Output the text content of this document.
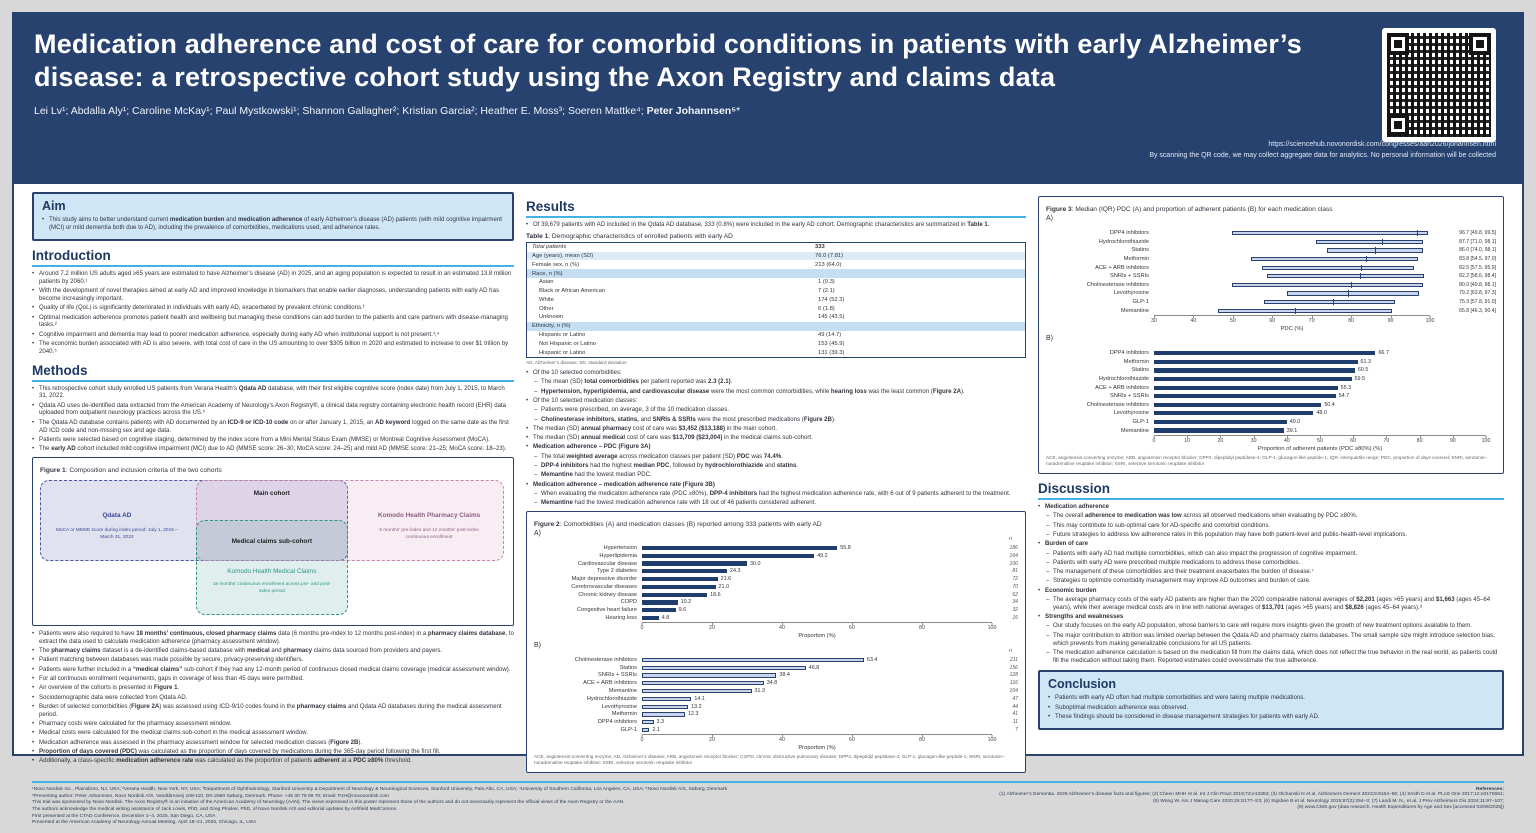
Medication adherence and cost of care for comorbid conditions in patients with early Alzheimer’s disease: a retrospective cohort study using the Axon Registry and claims data
Lei Lv¹; Abdalla Aly¹; Caroline McKay¹; Paul Mystkowski¹; Shannon Gallagher²; Kristian Garcia²; Heather E. Moss³; Soeren Mattke⁴; Peter Johannsen⁵*
https://sciencehub.novonordisk.com/congresses/aan2026/johannsen.html
By scanning the QR code, we may collect aggregate data for analytics. No personal information will be collected
Aim
• This study aims to better understand current medication burden and medication adherence of early Alzheimer’s disease (AD) patients (with mild cognitive impairment (MCI) or mild dementia both due to AD), including the prevalence of comorbidities, medications used, and adherence rates.
Introduction
• Around 7.2 million US adults aged ≥65 years are estimated to have Alzheimer’s disease (AD) in 2025, and an aging population is expected to result in an estimated 13.8 million patients by 2060.¹
• With the development of novel therapies aimed at early AD and improved knowledge in biomarkers that enable earlier diagnoses, understanding patients with early AD has become increasingly important.
• Quality of life (QoL) is significantly deteriorated in individuals with early AD, exacerbated by prevalent chronic conditions.¹
• Optimal medication adherence promotes patient health and wellbeing but managing these conditions can add burden to the patients and care partners with disease-managing tasks.²
• Cognitive impairment and dementia may lead to poorer medication adherence, especially during early AD when institutional support is not present.³,⁴
• The economic burden associated with AD is also severe, with total cost of care in the US amounting to over $305 billion in 2020 and estimated to increase to over $1 trillion by 2040.⁵
Methods
• This retrospective cohort study enrolled US patients from Verana Health’s Qdata AD database, with their first eligible cognitive score (index date) from July 1, 2015, to March 31, 2022.
• Qdata AD uses de-identified data extracted from the American Academy of Neurology’s Axon Registry®, a clinical data registry containing electronic health record (EHR) data uploaded from outpatient neurology practices across the US.⁶
• The Qdata AD database contains patients with AD documented by an ICD-9 or ICD-10 code on or after January 1, 2015, an AD keyword logged on the same date as the first AD ICD code and non-missing sex and age data.
• Patients were selected based on cognitive staging, determined by the index score from a Mini Mental Status Exam (MMSE) or Montreal Cognitive Assessment (MoCA).
• The early AD cohort included mild cognitive impairment (MCI) due to AD (MMSE score: 26–30; MoCA score: 24–25) and mild AD (MMSE score: 21–25; MoCA score: 18–23).
Figure 1: Composition and inclusion criteria of the two cohorts
Qdata AD
MoCA or MMSE score during index period: July 1, 2015 – March 31, 2022
Main cohort
Komodo Health Pharmacy Claims
6 months’ pre-index and 12 months’ post-index continuous enrollment
Medical claims sub-cohort
Komodo Health Medical Claims
18 months’ continuous enrollment across pre- and post-index period
• Patients were also required to have 18 months’ continuous, closed pharmacy claims data (6 months pre-index to 12 months post-index) in a pharmacy claims database, to extract the data used to calculate medication adherence (pharmacy assessment window).
• The pharmacy claims dataset is a de-identified claims-based database with medical and pharmacy claims data sourced from providers and payers.
• Patient matching between databases was made possible by secure, privacy-preserving identifiers.
• Patients were further included in a “medical claims” sub-cohort if they had any 12-month period of continuous closed medical claims coverage (medical assessment window).
• For all continuous enrollment requirements, gaps in coverage of less than 45 days were permitted.
• An overview of the cohorts is presented in Figure 1.
• Sociodemographic data were collected from Qdata AD.
• Burden of selected comorbidities (Figure 2A) was assessed using ICD-9/10 codes found in the pharmacy claims and Qdata AD databases during the medical assessment period.
• Pharmacy costs were calculated for the pharmacy assessment window.
• Medical costs were calculated for the medical claims sub-cohort in the medical assessment window.
• Medication adherence was assessed in the pharmacy assessment window for selected medication classes (Figure 2B).
• Proportion of days covered (PDC) was calculated as the proportion of days covered by medications during the 365-day period following the first fill.
• Additionally, a class-specific medication adherence rate was calculated as the proportion of patients adherent at a PDC ≥80% threshold.
Results
• Of 39,679 patients with AD included in the Qdata AD database, 333 (0.8%) were included in the early AD cohort. Demographic characteristics are summarized in Table 1.
Table 1: Demographic characteristics of enrolled patients with early AD
Total patients	333
Age (years), mean (SD)	76.0 (7.81)
Female sex, n (%)	213 (64.0)
Race, n (%)
Asian	1 (0.3)
Black or African American	7 (2.1)
White	174 (52.3)
Other	6 (1.8)
Unknown	145 (43.5)
Ethnicity, n (%)
Hispanic or Latino	49 (14.7)
Not Hispanic or Latino	153 (45.9)
Hispanic or Latino	131 (39.3)
AD, Alzheimer’s disease; SD, standard deviation
• Of the 10 selected comorbidities:
– The mean (SD) total comorbidities per patient reported was 2.3 (2.1).
– Hypertension, hyperlipidemia, and cardiovascular disease were the most common comorbidities, while hearing loss was the least common (Figure 2A).
• Of the 10 selected medication classes:
– Patients were prescribed, on average, 3 of the 10 medication classes.
– Cholinesterase inhibitors, statins, and SNRIs & SSRIs were the most prescribed medications (Figure 2B).
• The median (SD) annual pharmacy cost of care was $3,452 ($13,188) in the main cohort.
• The median (SD) annual medical cost of care was $13,709 ($23,004) in the medical claims sub-cohort.
• Medication adherence – PDC (Figure 3A)
– The total weighted average across medication classes per patient (SD) PDC was 74.4%.
– DPP-4 inhibitors had the highest median PDC, followed by hydrochlorothiazide and statins.
– Memantine had the lowest median PDC.
• Medication adherence – medication adherence rate (Figure 3B)
– When evaluating the medication adherence rate (PDC ≥80%), DPP-4 inhibitors had the highest medication adherence rate, with 6 out of 9 patients adherent to the treatment.
– Memantine had the lowest medication adherence rate with 18 out of 46 patients considered adherent.
Figure 2: Comorbidities (A) and medication classes (B) reported among 333 patients with early AD
A)
n
Hypertension	55.8	186
Hyperlipidemia	49.2	164
Cardiovascular disease	30.0	100
Type 2 diabetes	24.3	81
Major depressive disorder	21.6	72
Cerebrovascular diseases	21.0	70
Chronic kidney disease	18.6	62
COPD	10.2	34
Congestive heart failure	9.6	32
Hearing loss	4.8	16
0	20	40	60	80	100
Proportion (%)
B)
n
Cholinesterase inhibitors	63.4	211
Statins	46.8	156
SNRIs + SSRIs	38.4	128
ACE + ARB inhibitors	34.8	116
Memantine	31.3	104
Hydrochlorothiazide	14.1	47
Levothyroxine	13.2	44
Metformin	12.3	41
DPP4 inhibitors	3.3	11
GLP-1	2.1	7
0	20	40	60	80	100
Proportion (%)
ACE, angiotensin-converting enzyme; AD, Alzheimer’s disease; ARB, angiotensin receptor blocker; COPD, chronic obstructive pulmonary disease; DPP4, dipeptidyl peptidase-4; GLP-1, glucagon-like peptide-1; SNRI, serotonin–noradrenaline reuptake inhibitor; SSRI, selective serotonin reuptake inhibitor
Figure 3: Median (IQR) PDC (A) and proportion of adherent patients (B) for each medication class
A)
DPP4 inhibitors	96.7 [49.8, 99.5]
Hydrochlorothiazide	87.7 [71.0, 98.1]
Statins	86.0 [74.0, 98.1]
Metformin	83.8 [54.5, 97.0]
ACE + ARB inhibitors	82.5 [57.5, 95.9]
SNRIs + SSRIs	82.2 [58.6, 98.4]
Cholinesterase inhibitors	80.0 [49.8, 98.1]
Levothyroxine	79.2 [63.8, 97.3]
GLP-1	75.3 [57.8, 91.0]
Memantine	65.8 [46.3, 90.4]
30	40	50	60	70	80	90	100
PDC (%)
B)
DPP4 inhibitors	66.7
Metformin	61.3
Statins	60.5
Hydrochlorothiazide	59.5
ACE + ARB inhibitors	55.3
SNRIs + SSRIs	54.7
Cholinesterase inhibitors	50.4
Levothyroxine	48.0
GLP-1	40.0
Memantine	39.1
0	10	20	30	40	50	60	70	80	90	100
Proportion of adherent patients (PDC ≥80%) (%)
ACE, angiotensin-converting enzyme; ARB, angiotensin receptor blocker; DPP4, dipeptidyl peptidase-4; GLP-1, glucagon-like peptide-1; IQR, interquartile range; PDC, proportion of days covered; SNRI, serotonin–noradrenaline reuptake inhibitor; SSRI, selective serotonin reuptake inhibitor
Discussion
• Medication adherence
– The overall adherence to medication was low across all observed medications when evaluating by PDC ≥80%.
– This may contribute to sub-optimal care for AD-specific and comorbid conditions.
– Future strategies to address low adherence rates in this population may have both patient-level and public-health-level implications.
• Burden of care
– Patients with early AD had multiple comorbidities, which can also impact the progression of cognitive impairment.
– Patients with early AD were prescribed multiple medications to address these comorbidities.
– The management of these comorbidities and their treatment exacerbates the burden of disease.⁷
– Strategies to optimize comorbidity management may improve AD outcomes and burden of care.
• Economic burden
– The average pharmacy costs of the early AD patients are higher than the 2020 comparable national averages of $2,201 (ages >65 years) and $1,663 (ages 45–64 years), while their average medical costs are in line with national averages of $13,701 (ages >65 years) and $8,826 (ages 45–64 years).⁸
• Strengths and weaknesses
– Our study focuses on the early AD population, whose barriers to care will require more insights given the growth of new treatment options available to them.
– The major contribution to attrition was limited overlap between the Qdata AD and pharmacy claims databases. The small sample size might introduce selection bias, which prevents from making generalizable conclusions for all US patients.
– The medication adherence calculation is based on the medication fill from the claims data, which does not reflect the true behavior in the real world, as patients could fill the medication without taking them. Reported estimates could overestimate the true adherence.
Conclusion
• Patients with early AD often had multiple comorbidities and were taking multiple medications.
• Suboptimal medication adherence was observed.
• These findings should be considered in disease management strategies for patients with early AD.
¹Novo Nordisk Inc., Plainsboro, NJ, USA; ²Verana Health, New York, NY, USA; ³Department of Ophthalmology, Stanford University & Department of Neurology & Neurological Sciences, Stanford University, Palo Alto, CA, USA; ⁴University of Southern California, Los Angeles, CA, USA; ⁵Novo Nordisk A/S, Søborg, Denmark
*Presenting author: Peter Johannsen, Novo Nordisk A/S, Vandtårnsvej 108-110, DK-2860 Søborg, Denmark. Phone: +45 30 79 09 70; Email: PJH@novonordisk.com
This trial was sponsored by Novo Nordisk. The Axon Registry® is an initiative of the American Academy of Neurology (AAN). The views expressed in this poster represent those of the authors and do not necessarily represent the official views of the Axon Registry or the AAN.
The authors acknowledge the medical writing assistance of Jack Lowis, PhD, and Greg Plosker, PhD, of Novo Nordisk A/S and editorial updates by Ashfield MedComms.
First presented at the CTAD Conference, December 1–4, 2025, San Diego, CA, USA
Presented at the American Academy of Neurology Annual Meeting, April 18–21, 2026, Chicago, IL, USA
References:
(1) Alzheimer’s Dementia. 2025 Alzheimer’s disease facts and figures; (2) Cheen MHH et al. Int J Clin Pract 2019;73:e13353; (3) Olchanski N et al. Alzheimers Dement 2023;9:9164–55; (4) Smith D et al. PLoS One 2017;12:e0170651;
(5) Wong W. Am J Manag Care 2020;26:S177–S3; (6) Sigsbee B et al. Neurology 2015;87(2):254–3; (7) Landi M. N., et al. J Prev Alzheimers Dis 2024;11:97–107;
(8) www.CMS.gov (data research, Health Expenditures by Age and Sex [accessed 03/06/2025])
